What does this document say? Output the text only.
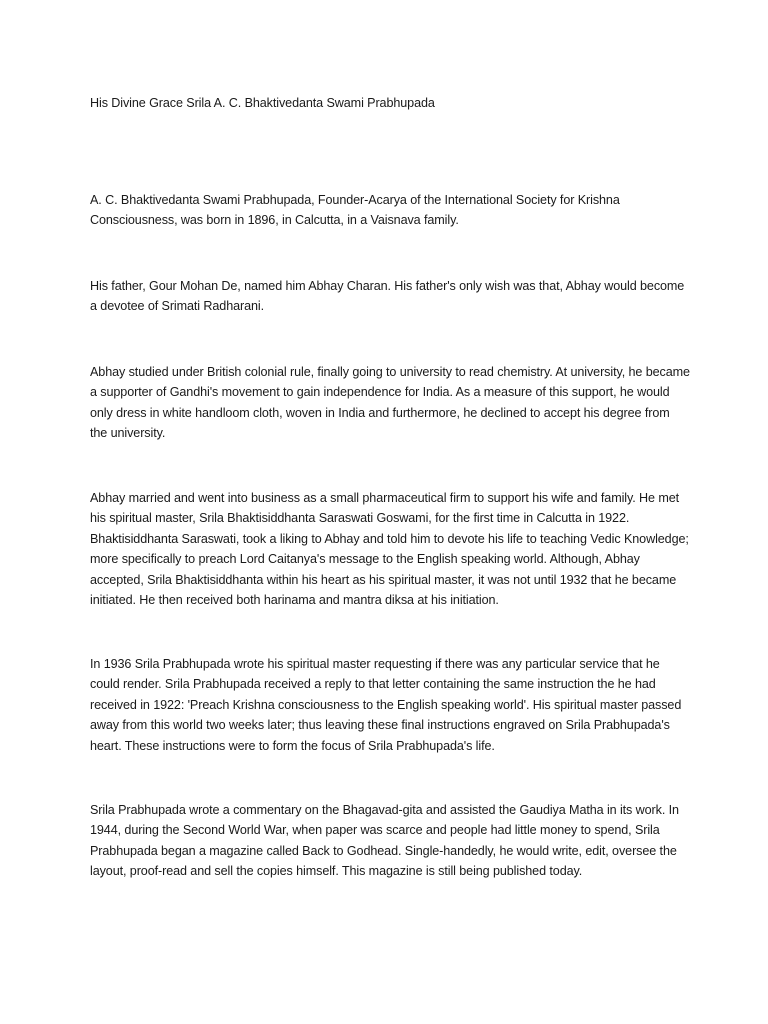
His Divine Grace Srila A. C. Bhaktivedanta Swami Prabhupada

A. C. Bhaktivedanta Swami Prabhupada, Founder-Acarya of the International Society for Krishna Consciousness, was born in 1896, in Calcutta, in a Vaisnava family.

His father, Gour Mohan De, named him Abhay Charan. His father's only wish was that, Abhay would become a devotee of Srimati Radharani.

Abhay studied under British colonial rule, finally going to university to read chemistry. At university, he became a supporter of Gandhi's movement to gain independence for India. As a measure of this support, he would only dress in white handloom cloth, woven in India and furthermore, he declined to accept his degree from the university.

Abhay married and went into business as a small pharmaceutical firm to support his wife and family. He met his spiritual master, Srila Bhaktisiddhanta Saraswati Goswami, for the first time in Calcutta in 1922. Bhaktisiddhanta Saraswati, took a liking to Abhay and told him to devote his life to teaching Vedic Knowledge; more specifically to preach Lord Caitanya's message to the English speaking world. Although, Abhay accepted, Srila Bhaktisiddhanta within his heart as his spiritual master, it was not until 1932 that he became initiated. He then received both harinama and mantra diksa at his initiation.

In 1936 Srila Prabhupada wrote his spiritual master requesting if there was any particular service that he could render. Srila Prabhupada received a reply to that letter containing the same instruction the he had received in 1922: 'Preach Krishna consciousness to the English speaking world'. His spiritual master passed away from this world two weeks later; thus leaving these final instructions engraved on Srila Prabhupada's heart. These instructions were to form the focus of Srila Prabhupada's life.

Srila Prabhupada wrote a commentary on the Bhagavad-gita and assisted the Gaudiya Matha in its work. In 1944, during the Second World War, when paper was scarce and people had little money to spend, Srila Prabhupada began a magazine called Back to Godhead. Single-handedly, he would write, edit, oversee the layout, proof-read and sell the copies himself. This magazine is still being published today.
